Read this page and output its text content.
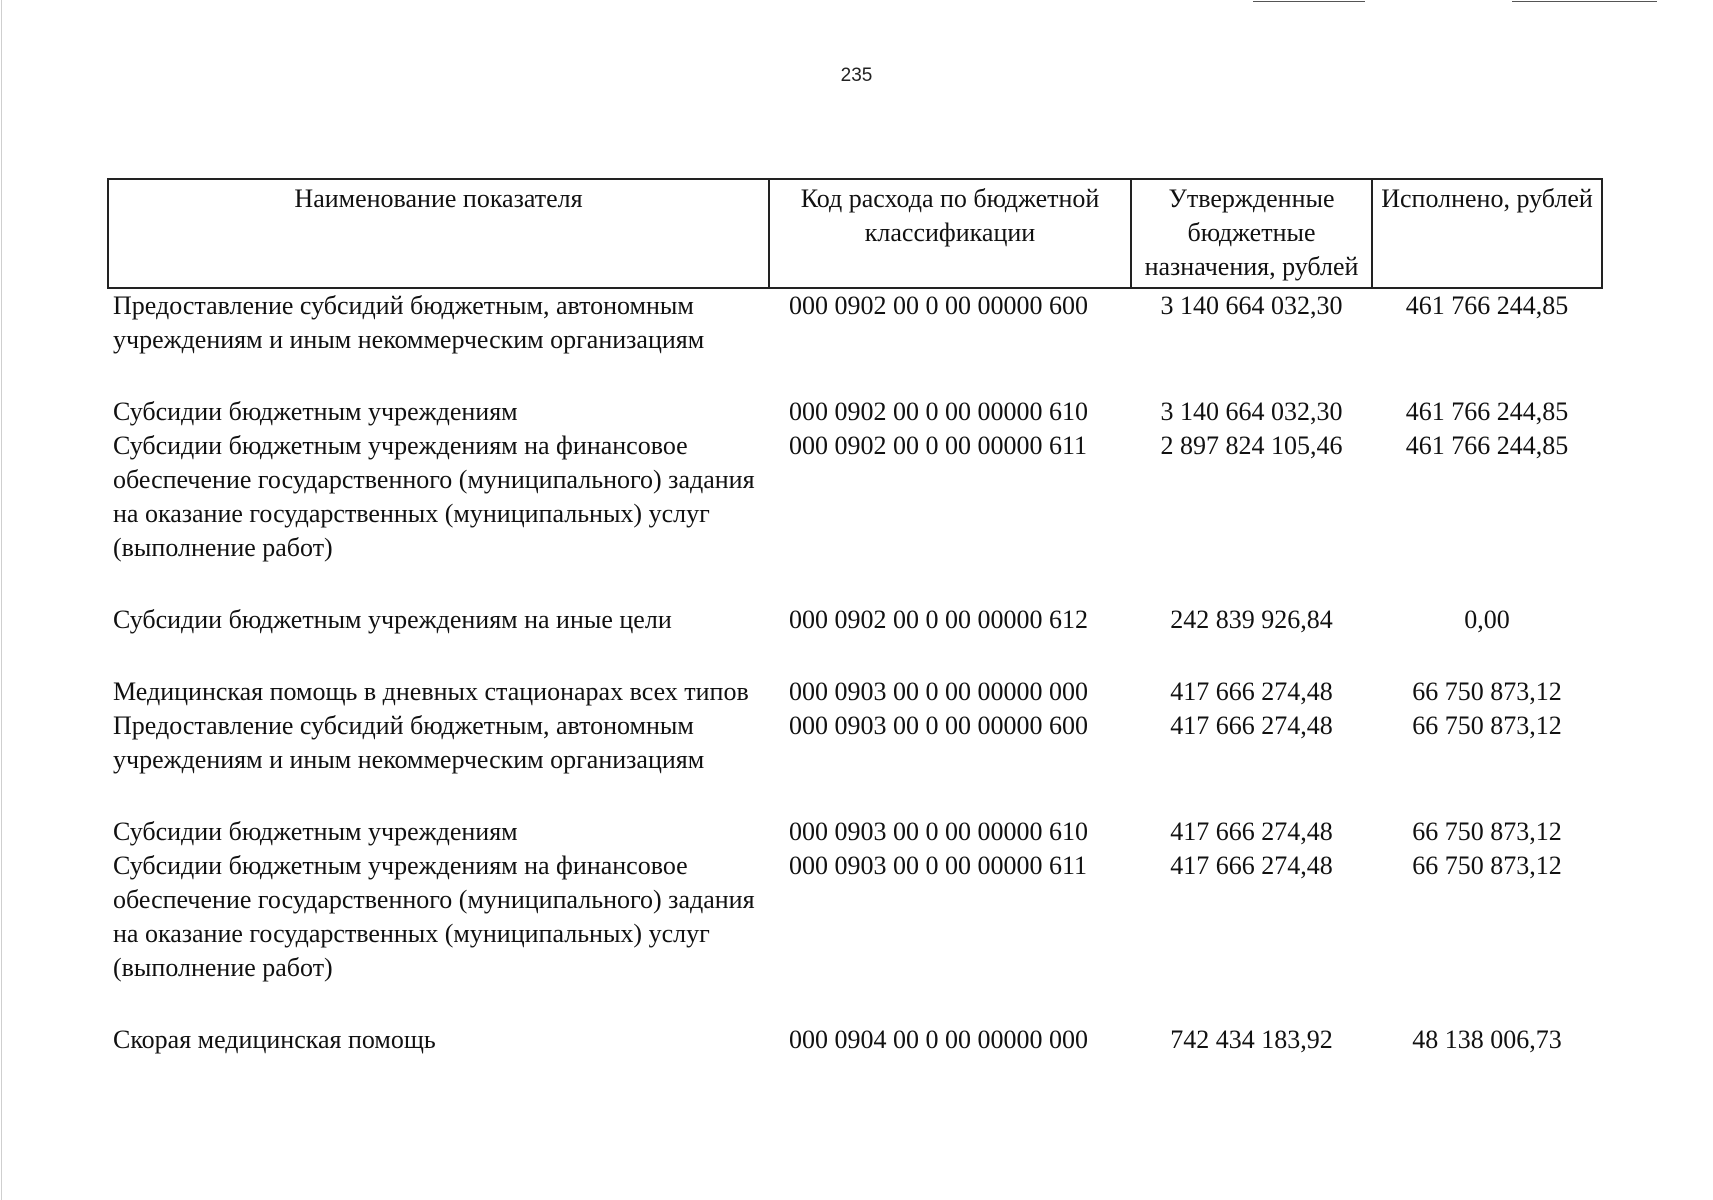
235
Наименование показателя	Код расхода по бюджетной классификации	Утвержденные бюджетные назначения, рублей	Исполнено, рублей
Предоставление субсидий бюджетным, автономным учреждениям и иным некоммерческим организациям	000 0902 00 0 00 00000 600	3 140 664 032,30	461 766 244,85

Субсидии бюджетным учреждениям	000 0902 00 0 00 00000 610	3 140 664 032,30	461 766 244,85
Субсидии бюджетным учреждениям на финансовое обеспечение государственного (муниципального) задания на оказание государственных (муниципальных) услуг (выполнение работ)	000 0902 00 0 00 00000 611	2 897 824 105,46	461 766 244,85

Субсидии бюджетным учреждениям на иные цели	000 0902 00 0 00 00000 612	242 839 926,84	0,00

Медицинская помощь в дневных стационарах всех типов	000 0903 00 0 00 00000 000	417 666 274,48	66 750 873,12
Предоставление субсидий бюджетным, автономным учреждениям и иным некоммерческим организациям	000 0903 00 0 00 00000 600	417 666 274,48	66 750 873,12

Субсидии бюджетным учреждениям	000 0903 00 0 00 00000 610	417 666 274,48	66 750 873,12
Субсидии бюджетным учреждениям на финансовое обеспечение государственного (муниципального) задания на оказание государственных (муниципальных) услуг (выполнение работ)	000 0903 00 0 00 00000 611	417 666 274,48	66 750 873,12

Скорая медицинская помощь	000 0904 00 0 00 00000 000	742 434 183,92	48 138 006,73
